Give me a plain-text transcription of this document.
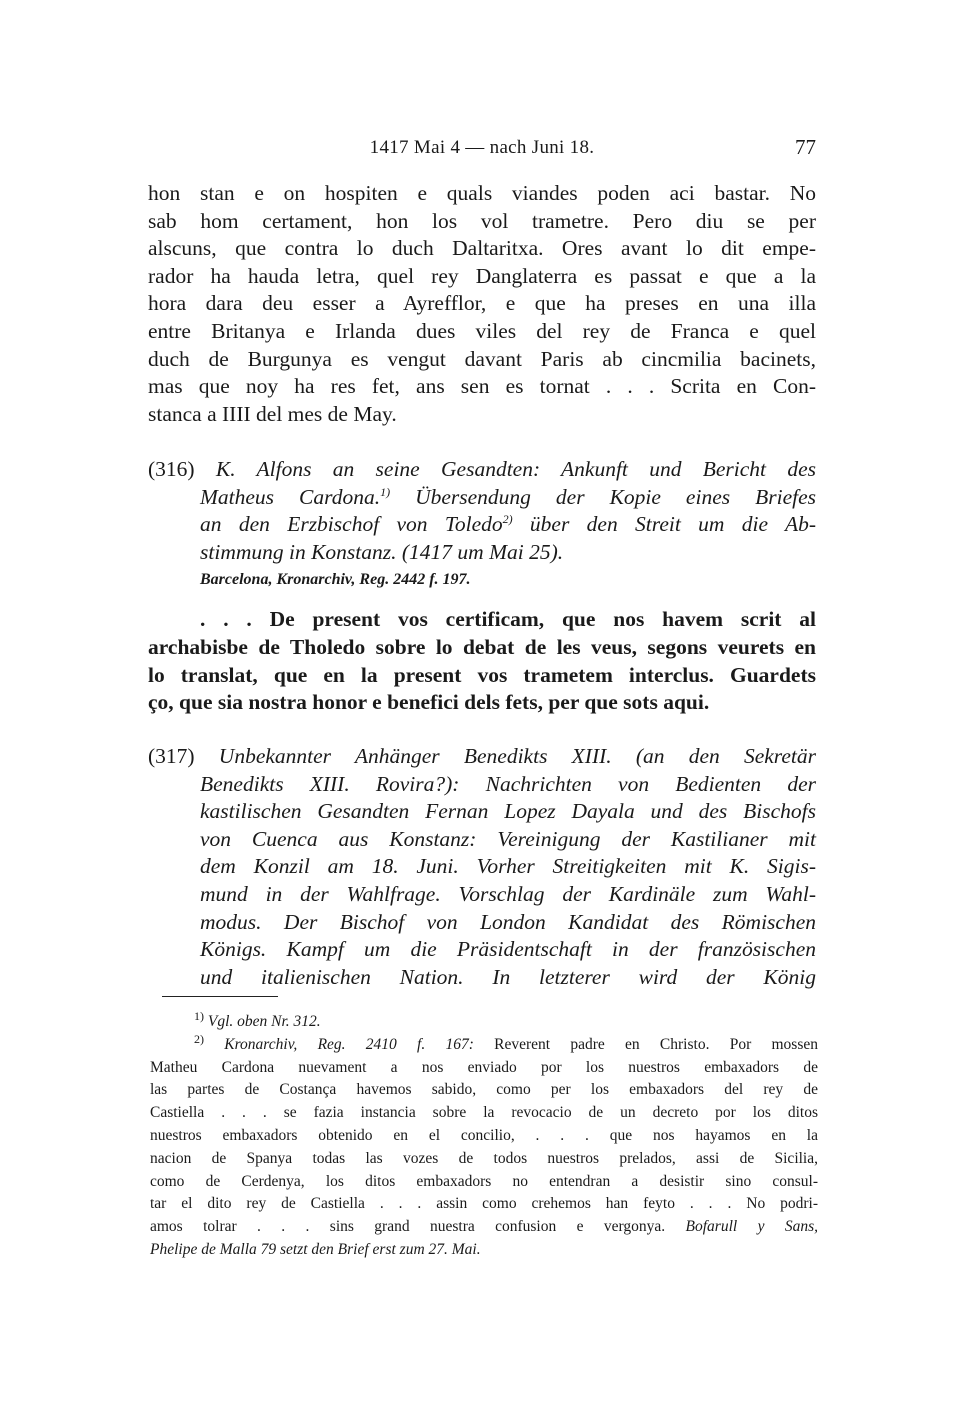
1417 Mai 4 — nach Juni 18.	77
hon stan e on hospiten e quals viandes poden aci bastar. No
sab hom certament, hon los vol trametre. Pero diu se per
alscuns, que contra lo duch Daltaritxa. Ores avant lo dit empe-
rador ha hauda letra, quel rey Danglaterra es passat e que a la
hora dara deu esser a Ayrefflor, e que ha preses en una illa
entre Britanya e Irlanda dues viles del rey de Franca e quel
duch de Burgunya es vengut davant Paris ab cincmilia bacinets,
mas que noy ha res fet, ans sen es tornat . . . Scrita en Con-
stanca a IIII del mes de May.
(316) K. Alfons an seine Gesandten: Ankunft und Bericht des
Matheus Cardona.$^{1)}$ Übersendung der Kopie eines Briefes
an den Erzbischof von Toledo$^{2)}$ über den Streit um die Ab-
stimmung in Konstanz. (1417 um Mai 25).
Barcelona, Kronarchiv, Reg. 2442 f. 197.
. . . De present vos certificam, que nos havem scrit al
archabisbe de Tholedo sobre lo debat de les veus, segons veurets en
lo translat, que en la present vos trametem interclus. Guardets
ço, que sia nostra honor e benefici dels fets, per que sots aqui.
(317) Unbekannter Anhänger Benedikts XIII. (an den Sekretär
Benedikts XIII. Rovira?): Nachrichten von Bedienten der
kastilischen Gesandten Fernan Lopez Dayala und des Bischofs
von Cuenca aus Konstanz: Vereinigung der Kastilianer mit
dem Konzil am 18. Juni. Vorher Streitigkeiten mit K. Sigis-
mund in der Wahlfrage. Vorschlag der Kardinäle zum Wahl-
modus. Der Bischof von London Kandidat des Römischen
Königs. Kampf um die Präsidentschaft in der französischen
und italienischen Nation. In letzterer wird der König
$^{1)}$ Vgl. oben Nr. 312.
$^{2)}$ Kronarchiv, Reg. 2410 f. 167: Reverent padre en Christo. Por mossen
Matheu Cardona nuevament a nos enviado por los nuestros embaxadors de
las partes de Costança havemos sabido, como per los embaxadors del rey de
Castiella . . . se fazia instancia sobre la revocacio de un decreto por los ditos
nuestros embaxadors obtenido en el concilio, . . . que nos hayamos en la
nacion de Spanya todas las vozes de todos nuestros prelados, assi de Sicilia,
como de Cerdenya, los ditos embaxadors no entendran a desistir sino consul-
tar el dito rey de Castiella . . . assin como crehemos han feyto . . . No podri-
amos tolrar . . . sins grand nuestra confusion e vergonya. Bofarull y Sans,
Phelipe de Malla 79 setzt den Brief erst zum 27. Mai.
